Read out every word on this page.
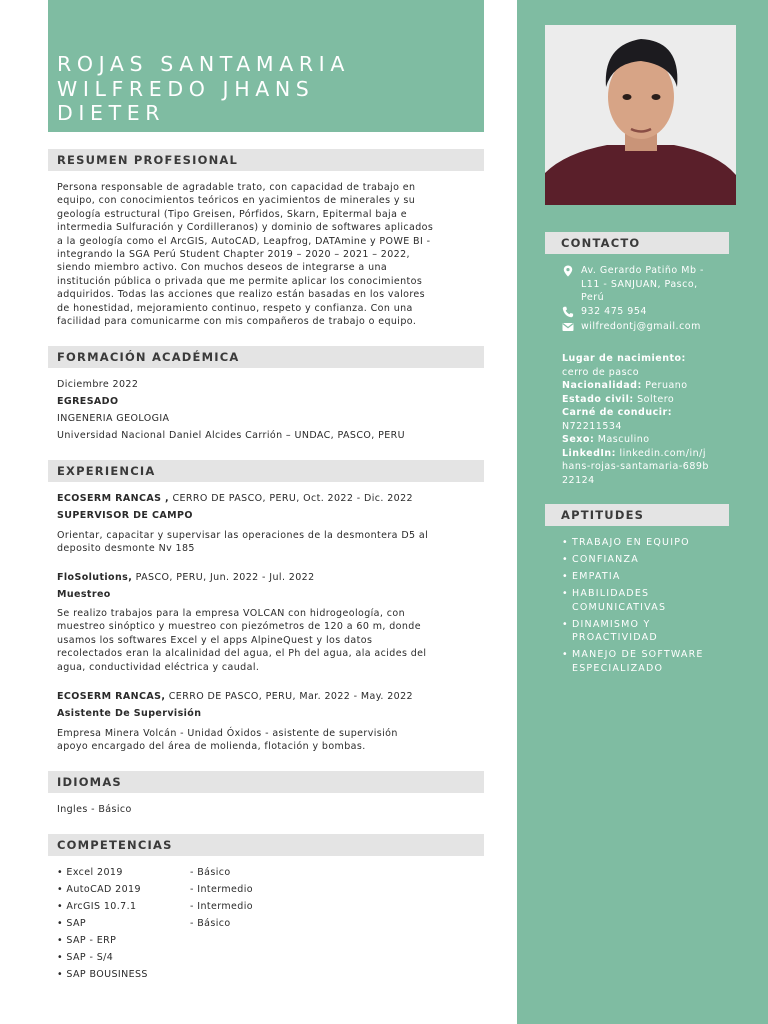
CONTACTO
Av. Gerardo Patiño Mb -
L11 - SANJUAN, Pasco,
Perú
932 475 954
wilfredontj@gmail.com
Lugar de nacimiento:
cerro de pasco
Nacionalidad: Peruano
Estado civil: Soltero
Carné de conducir:
N72211534
Sexo: Masculino
LinkedIn: linkedin.com/in/j
hans-rojas-santamaria-689b
22124
APTITUDES
• TRABAJO EN EQUIPO
• CONFIANZA
• EMPATIA
• HABILIDADES COMUNICATIVAS
• DINAMISMO Y PROACTIVIDAD
• MANEJO DE SOFTWARE ESPECIALIZADO
ROJAS SANTAMARIA
WILFREDO JHANS
DIETER
RESUMEN PROFESIONAL
Persona responsable de agradable trato, con capacidad de trabajo en
equipo, con conocimientos teóricos en yacimientos de minerales y su
geología estructural (Tipo Greisen, Pórfidos, Skarn, Epitermal baja e
intermedia Sulfuración y Cordilleranos) y dominio de softwares aplicados
a la geología como el ArcGIS, AutoCAD, Leapfrog, DATAmine y POWE BI -
integrando la SGA Perú Student Chapter 2019 – 2020 – 2021 – 2022,
siendo miembro activo. Con muchos deseos de integrarse a una
institución pública o privada que me permite aplicar los conocimientos
adquiridos. Todas las acciones que realizo están basadas en los valores
de honestidad, mejoramiento continuo, respeto y confianza. Con una
facilidad para comunicarme con mis compañeros de trabajo o equipo.
FORMACIÓN ACADÉMICA
Diciembre 2022
EGRESADO
INGENERIA GEOLOGIA
Universidad Nacional Daniel Alcides Carrión – UNDAC, PASCO, PERU
EXPERIENCIA
ECOSERM RANCAS , CERRO DE PASCO, PERU, Oct. 2022 - Dic. 2022
SUPERVISOR DE CAMPO
Orientar, capacitar y supervisar las operaciones de la desmontera D5 al
deposito desmonte Nv 185
FloSolutions, PASCO, PERU, Jun. 2022 - Jul. 2022
Muestreo
Se realizo trabajos para la empresa VOLCAN con hidrogeología, con
muestreo sinóptico y muestreo con piezómetros de 120 a 60 m, donde
usamos los softwares Excel y el apps AlpineQuest y los datos
recolectados eran la alcalinidad del agua, el Ph del agua, ala acides del
agua, conductividad eléctrica y caudal.
ECOSERM RANCAS, CERRO DE PASCO, PERU, Mar. 2022 - May. 2022
Asistente De Supervisión
Empresa Minera Volcán - Unidad Óxidos - asistente de supervisión
apoyo encargado del área de molienda, flotación y bombas.
IDIOMAS
Ingles - Básico
COMPETENCIAS
• Excel 2019	- Básico
• AutoCAD 2019	- Intermedio
• ArcGIS 10.7.1	- Intermedio
• SAP	- Básico
• SAP - ERP
• SAP - S/4
• SAP BOUSINESS
